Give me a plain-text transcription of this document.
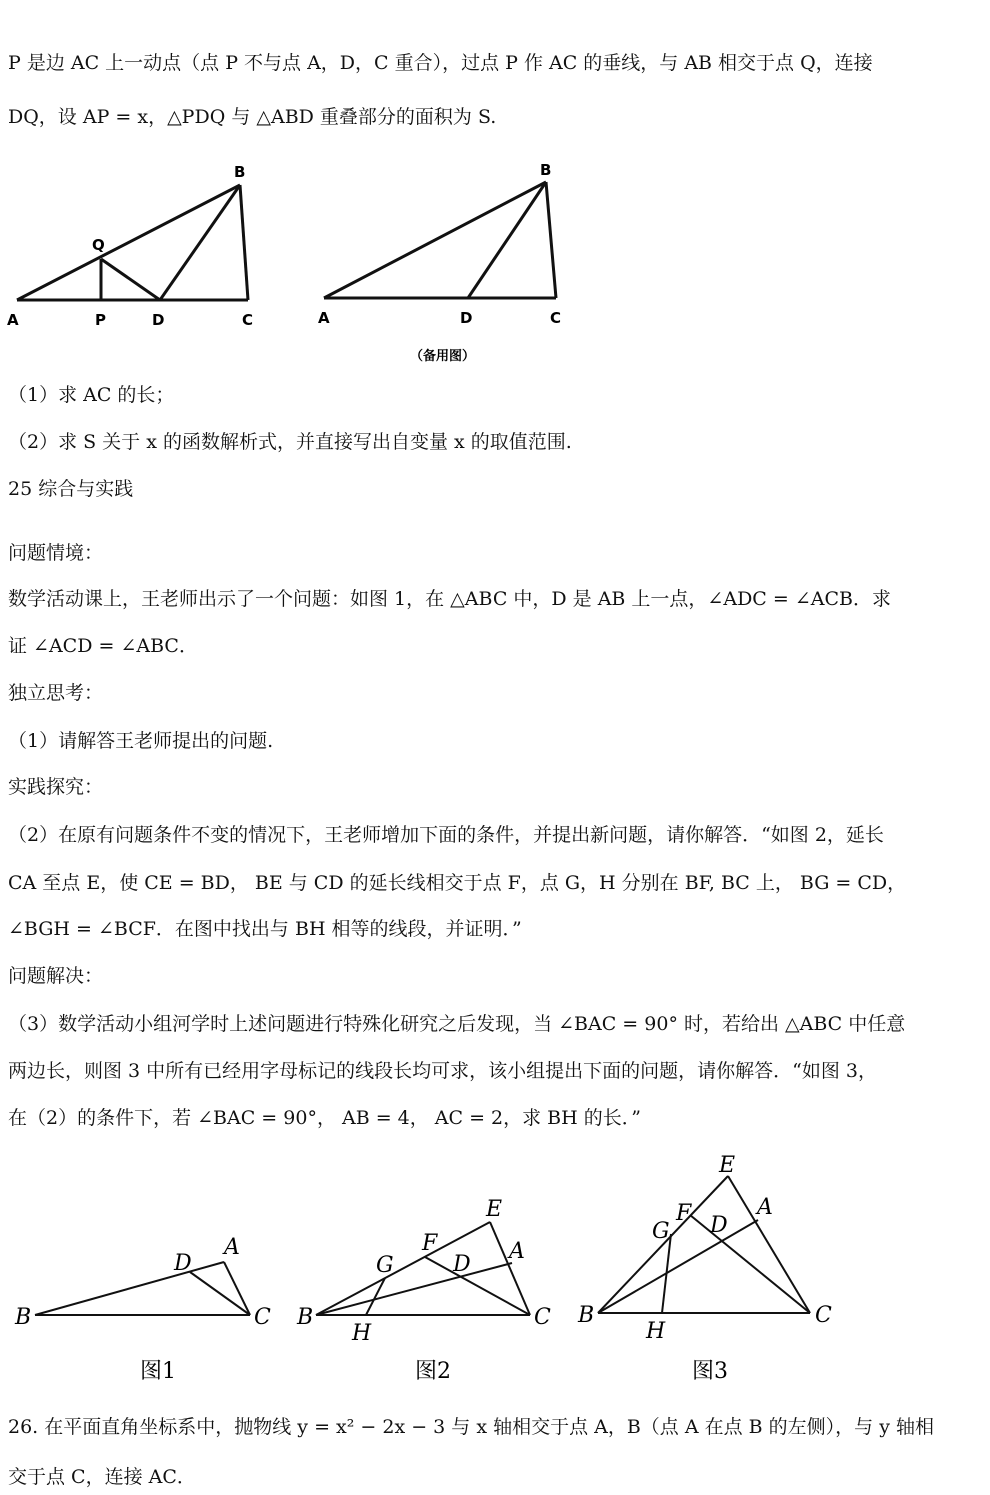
P 是边 AC 上一动点（点 P 不与点 A，D，C 重合），过点 P 作 AC 的垂线，与 AB 相交于点 Q，连接
DQ，设 AP = x，△PDQ 与 △ABD 重叠部分的面积为 S.
A	P	D	C
Q
B
A	D	C
B
（备用图）
（1）求 AC 的长；
（2）求 S 关于 x 的函数解析式，并直接写出自变量 x 的取值范围.
25 综合与实践
问题情境：
数学活动课上，王老师出示了一个问题：如图 1，在 △ABC 中，D 是 AB 上一点，∠ADC = ∠ACB．求
证 ∠ACD = ∠ABC．
独立思考：
（1）请解答王老师提出的问题.
实践探究：
（2）在原有问题条件不变的情况下，王老师增加下面的条件，并提出新问题，请你解答．“如图 2，延长
CA 至点 E，使 CE = BD， BE 与 CD 的延长线相交于点 F，点 G，H 分别在 BF, BC 上， BG = CD，
∠BGH = ∠BCF．在图中找出与 BH 相等的线段，并证明．”
问题解决：
（3）数学活动小组河学时上述问题进行特殊化研究之后发现，当 ∠BAC = 90° 时，若给出 △ABC 中任意
两边长，则图 3 中所有已经用字母标记的线段长均可求，该小组提出下面的问题，请你解答．“如图 3，
在（2）的条件下，若 ∠BAC = 90°， AB = 4， AC = 2，求 BH 的长．”
B	C
D
A
B
H
G
F
D
E
A
C B
H
G
F D
E
A
C
图1	图2	图3
26. 在平面直角坐标系中，抛物线 y = x² − 2x − 3 与 x 轴相交于点 A，B（点 A 在点 B 的左侧），与 y 轴相
交于点 C，连接 AC．
